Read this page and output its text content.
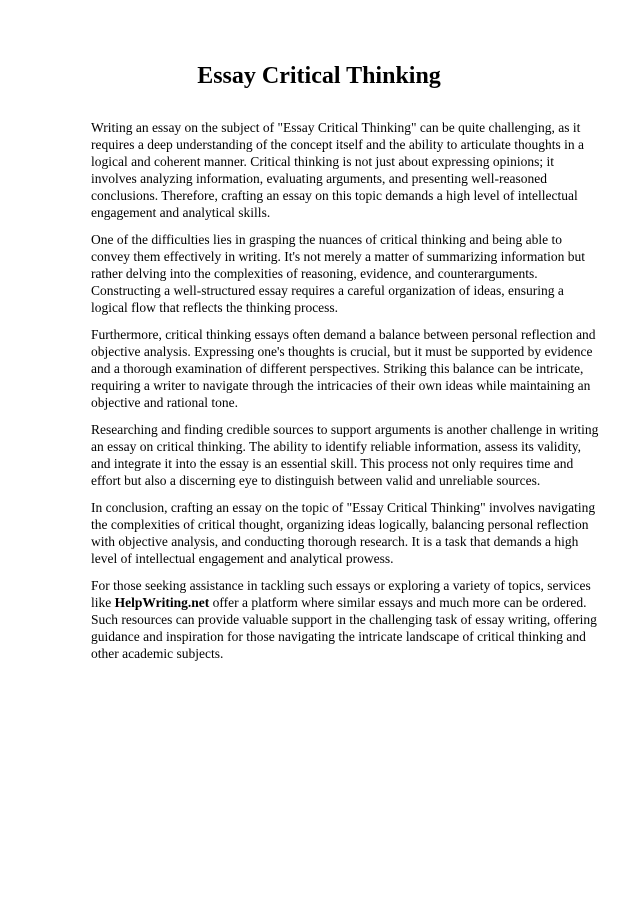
Essay Critical Thinking

Writing an essay on the subject of "Essay Critical Thinking" can be quite challenging, as it requires a deep understanding of the concept itself and the ability to articulate thoughts in a logical and coherent manner. Critical thinking is not just about expressing opinions; it involves analyzing information, evaluating arguments, and presenting well-reasoned conclusions. Therefore, crafting an essay on this topic demands a high level of intellectual engagement and analytical skills.

One of the difficulties lies in grasping the nuances of critical thinking and being able to convey them effectively in writing. It's not merely a matter of summarizing information but rather delving into the complexities of reasoning, evidence, and counterarguments. Constructing a well-structured essay requires a careful organization of ideas, ensuring a logical flow that reflects the thinking process.

Furthermore, critical thinking essays often demand a balance between personal reflection and objective analysis. Expressing one's thoughts is crucial, but it must be supported by evidence and a thorough examination of different perspectives. Striking this balance can be intricate, requiring a writer to navigate through the intricacies of their own ideas while maintaining an objective and rational tone.

Researching and finding credible sources to support arguments is another challenge in writing an essay on critical thinking. The ability to identify reliable information, assess its validity, and integrate it into the essay is an essential skill. This process not only requires time and effort but also a discerning eye to distinguish between valid and unreliable sources.

In conclusion, crafting an essay on the topic of "Essay Critical Thinking" involves navigating the complexities of critical thought, organizing ideas logically, balancing personal reflection with objective analysis, and conducting thorough research. It is a task that demands a high level of intellectual engagement and analytical prowess.

For those seeking assistance in tackling such essays or exploring a variety of topics, services like HelpWriting.net offer a platform where similar essays and much more can be ordered. Such resources can provide valuable support in the challenging task of essay writing, offering guidance and inspiration for those navigating the intricate landscape of critical thinking and other academic subjects.
